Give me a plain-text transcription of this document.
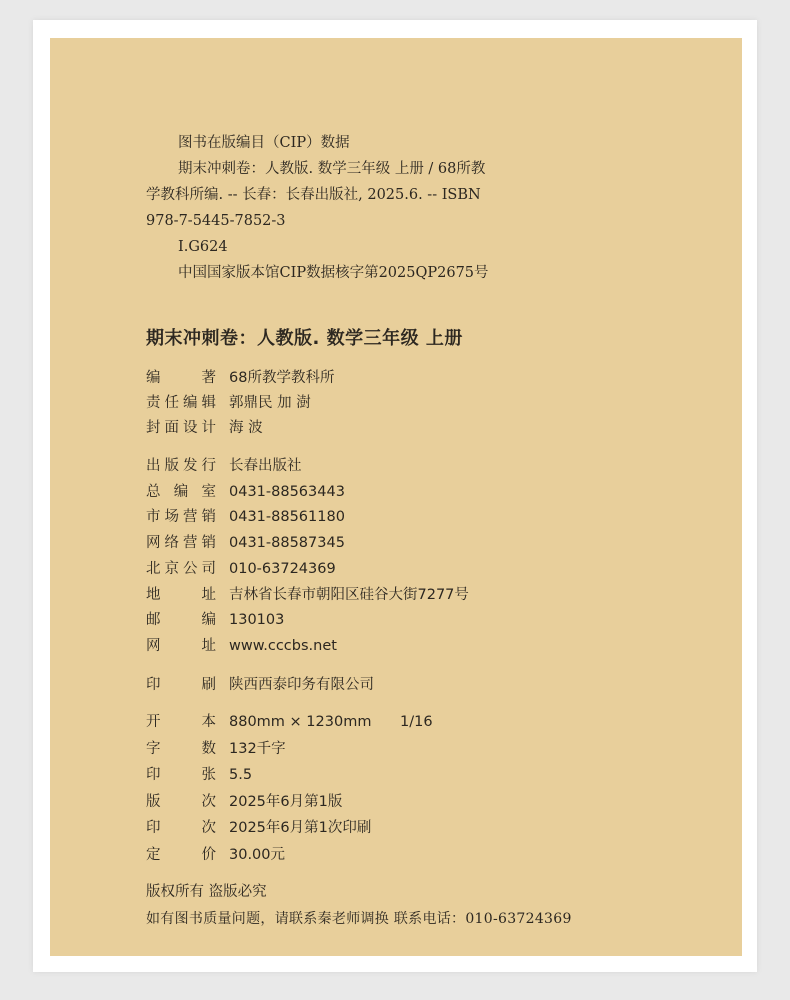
图书在版编目（CIP）数据
期末冲刺卷：人教版. 数学三年级 上册 / 68所教
学教科所编. -- 长春：长春出版社, 2025.6. -- ISBN
978-7-5445-7852-3
Ⅰ.G624
中国国家版本馆CIP数据核字第2025QP2675号
期末冲刺卷：人教版. 数学三年级 上册
编著 68所教学教科所
责任编辑 郭鼎民 加 澍
封面设计 海 波
出版发行 长春出版社
总编室 0431-88563443
市场营销 0431-88561180
网络营销 0431-88587345
北京公司 010-63724369
地址 吉林省长春市朝阳区硅谷大街7277号
邮编 130103
网址 www.cccbs.net
印刷 陕西西泰印务有限公司
开本 880mm × 1230mm 1/16
字数 132千字
印张 5.5
版次 2025年6月第1版
印次 2025年6月第1次印刷
定价 30.00元
版权所有 盗版必究
如有图书质量问题，请联系秦老师调换 联系电话：010-63724369
